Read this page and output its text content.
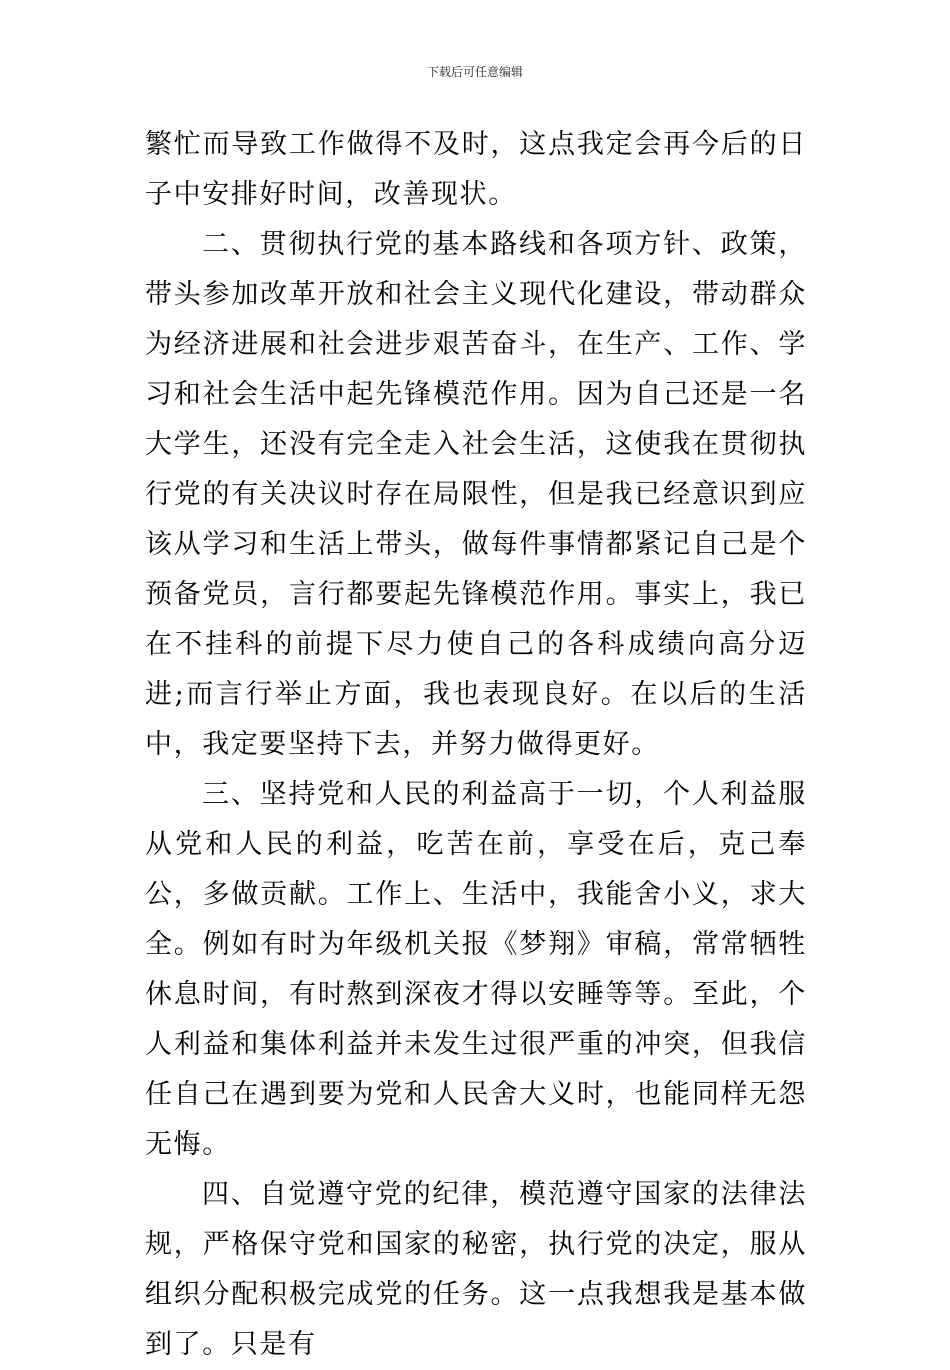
下载后可任意编辑

繁忙而导致工作做得不及时，这点我定会再今后的日子中安排好时间，改善现状。

二、贯彻执行党的基本路线和各项方针、政策，带头参加改革开放和社会主义现代化建设，带动群众为经济进展和社会进步艰苦奋斗，在生产、工作、学习和社会生活中起先锋模范作用。因为自己还是一名大学生，还没有完全走入社会生活，这使我在贯彻执行党的有关决议时存在局限性，但是我已经意识到应该从学习和生活上带头，做每件事情都紧记自己是个预备党员，言行都要起先锋模范作用。事实上，我已在不挂科的前提下尽力使自己的各科成绩向高分迈进;而言行举止方面，我也表现良好。在以后的生活中，我定要坚持下去，并努力做得更好。

三、坚持党和人民的利益高于一切，个人利益服从党和人民的利益，吃苦在前，享受在后，克己奉公，多做贡献。工作上、生活中，我能舍小义，求大全。例如有时为年级机关报《梦翔》审稿，常常牺牲休息时间，有时熬到深夜才得以安睡等等。至此，个人利益和集体利益并未发生过很严重的冲突，但我信任自己在遇到要为党和人民舍大义时，也能同样无怨无悔。

四、自觉遵守党的纪律，模范遵守国家的法律法规，严格保守党和国家的秘密，执行党的决定，服从组织分配积极完成党的任务。这一点我想我是基本做到了。只是有
